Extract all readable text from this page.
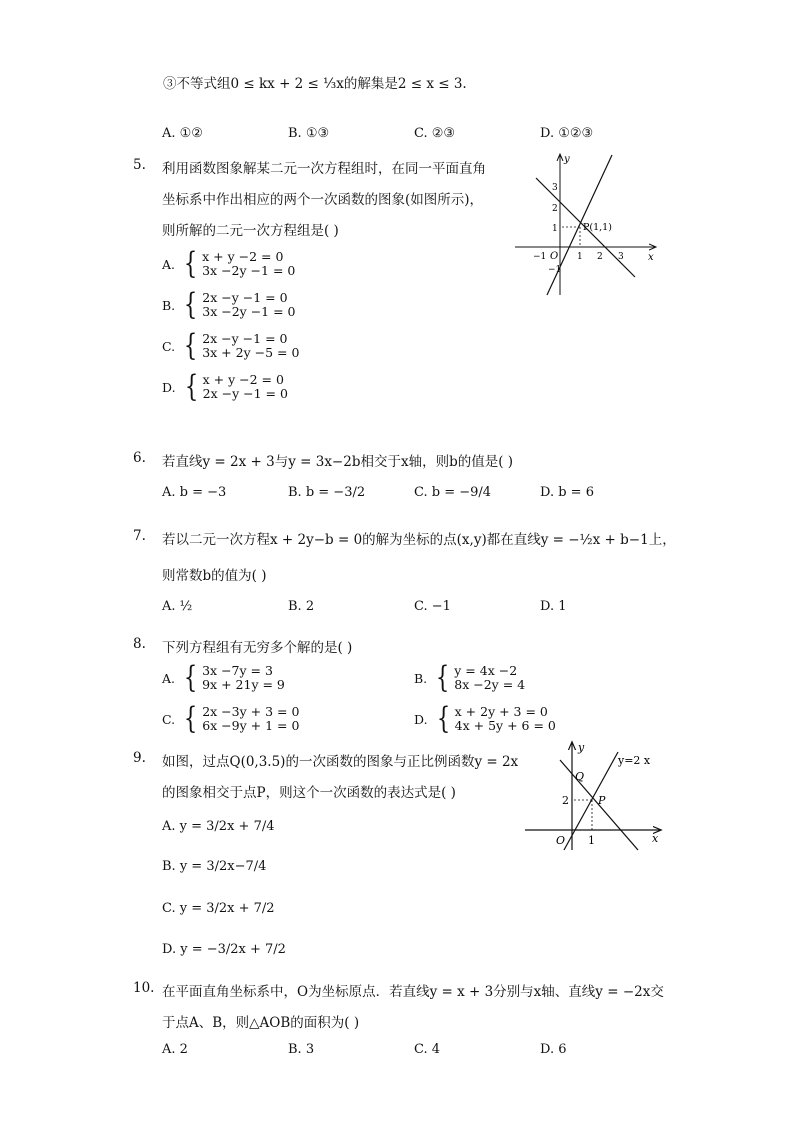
③不等式组0 ≤ kx + 2 ≤ ⅓x的解集是2 ≤ x ≤ 3.
A. ①②	B. ①③	C. ②③	D. ①②③
5. 利用函数图象解某二元一次方程组时，在同一平面直角
坐标系中作出相应的两个一次函数的图象(如图所示)，
则所解的二元一次方程组是( )
A. { x + y −2 = 0
3x −2y −1 = 0
B. { 2x −y −1 = 0
3x −2y −1 = 0
C. { 2x −y −1 = 0
3x + 2y −5 = 0
D. { x + y −2 = 0
2x −y −1 = 0
y
x
O
P(1,1)
−1	1 2 3
3
2
1
−1
6. 若直线y = 2x + 3与y = 3x−2b相交于x轴，则b的值是( )
A. b = −3	B. b = −3/2	C. b = −9/4	D. b = 6
7. 若以二元一次方程x + 2y−b = 0的解为坐标的点(x,y)都在直线y = −½x + b−1上，
则常数b的值为( )
A. ½	B. 2	C. −1	D. 1
8. 下列方程组有无穷多个解的是( )
A. { 3x −7y = 3
9x + 21y = 9	B. { y = 4x −2
8x −2y = 4
C. { 2x −3y + 3 = 0
6x −9y + 1 = 0	D. { x + 2y + 3 = 0
4x + 5y + 6 = 0
9. 如图，过点Q(0,3.5)的一次函数的图象与正比例函数y = 2x
的图象相交于点P，则这个一次函数的表达式是( )
A. y = 3/2x + 7/4
B. y = 3/2x−7/4
C. y = 3/2x + 7/2
D. y = −3/2x + 7/2
y
x
O
Q
P
y=2 x
2
1
10. 在平面直角坐标系中，O为坐标原点．若直线y = x + 3分别与x轴、直线y = −2x交
于点A、B，则△AOB的面积为( )
A. 2	B. 3	C. 4	D. 6
